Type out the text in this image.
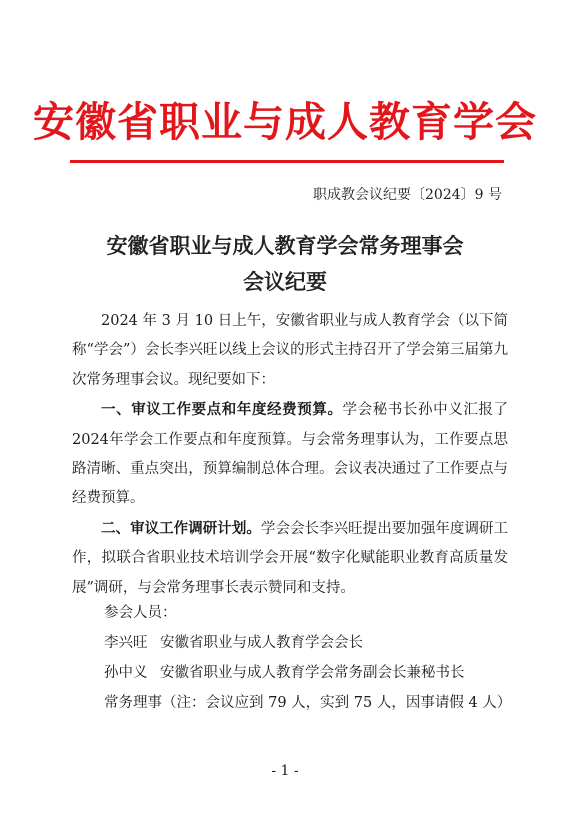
安徽省职业与成人教育学会
职成教会议纪要〔2024〕9 号
安徽省职业与成人教育学会常务理事会
会议纪要

2024 年 3 月 10 日上午，安徽省职业与成人教育学会（以下简称“学会”）会长李兴旺以线上会议的形式主持召开了学会第三届第九次常务理事会议。现纪要如下：

一、审议工作要点和年度经费预算。学会秘书长孙中义汇报了 2024年学会工作要点和年度预算。与会常务理事认为，工作要点思路清晰、重点突出，预算编制总体合理。会议表决通过了工作要点与经费预算。

二、审议工作调研计划。学会会长李兴旺提出要加强年度调研工作，拟联合省职业技术培训学会开展“数字化赋能职业教育高质量发展”调研，与会常务理事长表示赞同和支持。

参会人员：
李兴旺 安徽省职业与成人教育学会会长
孙中义 安徽省职业与成人教育学会常务副会长兼秘书长
常务理事（注：会议应到 79 人，实到 75 人，因事请假 4 人）
- 1 -
